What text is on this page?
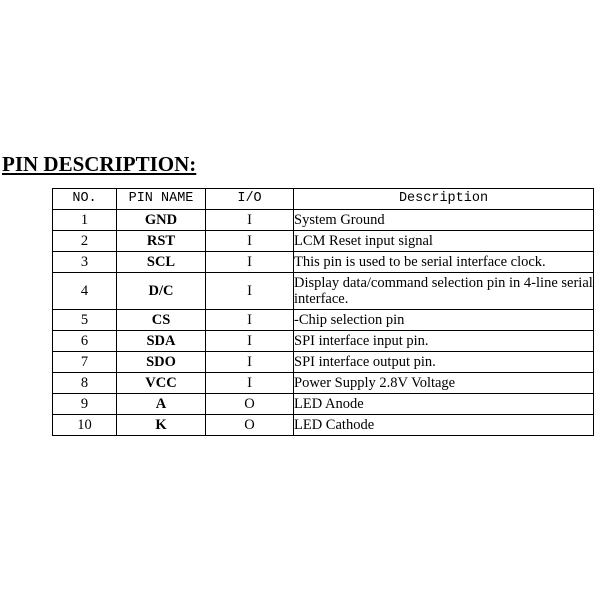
PIN DESCRIPTION:
NO.	PIN NAME	I/O	Description
1	GND	I	System Ground
2	RST	I	LCM Reset input signal
3	SCL	I	This pin is used to be serial interface clock.
4	D/C	I	Display data/command selection pin in 4-line serial interface.
5	CS	I	-Chip selection pin
6	SDA	I	SPI interface input pin.
7	SDO	I	SPI interface output pin.
8	VCC	I	Power Supply 2.8V Voltage
9	A	O	LED Anode
10	K	O	LED Cathode
